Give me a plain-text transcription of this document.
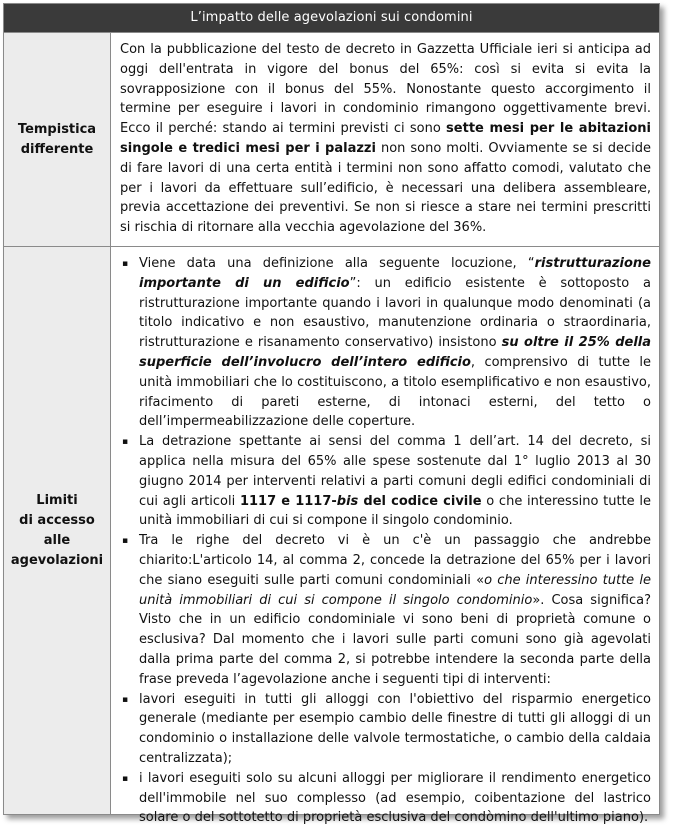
L’impatto delle agevolazioni sui condomini
Tempistica
differente

Con la pubblicazione del testo de decreto in Gazzetta Ufficiale ieri si anticipa ad oggi dell'entrata in vigore del bonus del 65%: così si evita si evita la sovrapposizione con il bonus del 55%. Nonostante questo accorgimento il termine per eseguire i lavori in condominio rimangono oggettivamente brevi. Ecco il perché: stando ai termini previsti ci sono sette mesi per le abitazioni singole e tredici mesi per i palazzi non sono molti. Ovviamente se si decide di fare lavori di una certa entità i termini non sono affatto comodi, valutato che per i lavori da effettuare sull’edificio, è necessari una delibera assembleare, previa accettazione dei preventivi. Se non si riesce a stare nei termini prescritti si rischia di ritornare alla vecchia agevolazione del 36%.

Limiti
di accesso
alle
agevolazioni
▪ Viene data una definizione alla seguente locuzione, “ristrutturazione importante di un edificio”: un edificio esistente è sottoposto a ristrutturazione importante quando i lavori in qualunque modo denominati (a titolo indicativo e non esaustivo, manutenzione ordinaria o straordinaria, ristrutturazione e risanamento conservativo) insistono su oltre il 25% della superficie dell’involucro dell’intero edificio, comprensivo di tutte le unità immobiliari che lo costituiscono, a titolo esemplificativo e non esaustivo, rifacimento di pareti esterne, di intonaci esterni, del tetto o dell’impermeabilizzazione delle coperture.
▪ La detrazione spettante ai sensi del comma 1 dell’art. 14 del decreto, si applica nella misura del 65% alle spese sostenute dal 1° luglio 2013 al 30 giugno 2014 per interventi relativi a parti comuni degli edifici condominiali di cui agli articoli 1117 e 1117-bis del codice civile o che interessino tutte le unità immobiliari di cui si compone il singolo condominio.
▪ Tra le righe del decreto vi è un c'è un passaggio che andrebbe chiarito:L'articolo 14, al comma 2, concede la detrazione del 65% per i lavori che siano eseguiti sulle parti comuni condominiali «o che interessino tutte le unità immobiliari di cui si compone il singolo condominio». Cosa significa? Visto che in un edificio condominiale vi sono beni di proprietà comune o esclusiva? Dal momento che i lavori sulle parti comuni sono già agevolati dalla prima parte del comma 2, si potrebbe intendere la seconda parte della frase preveda l’agevolazione anche i seguenti tipi di interventi:
▪ lavori eseguiti in tutti gli alloggi con l'obiettivo del risparmio energetico generale (mediante per esempio cambio delle finestre di tutti gli alloggi di un condominio o installazione delle valvole termostatiche, o cambio della caldaia centralizzata);
▪ i lavori eseguiti solo su alcuni alloggi per migliorare il rendimento energetico dell'immobile nel suo complesso (ad esempio, coibentazione del lastrico solare o del sottotetto di proprietà esclusiva del condòmino dell'ultimo piano).
